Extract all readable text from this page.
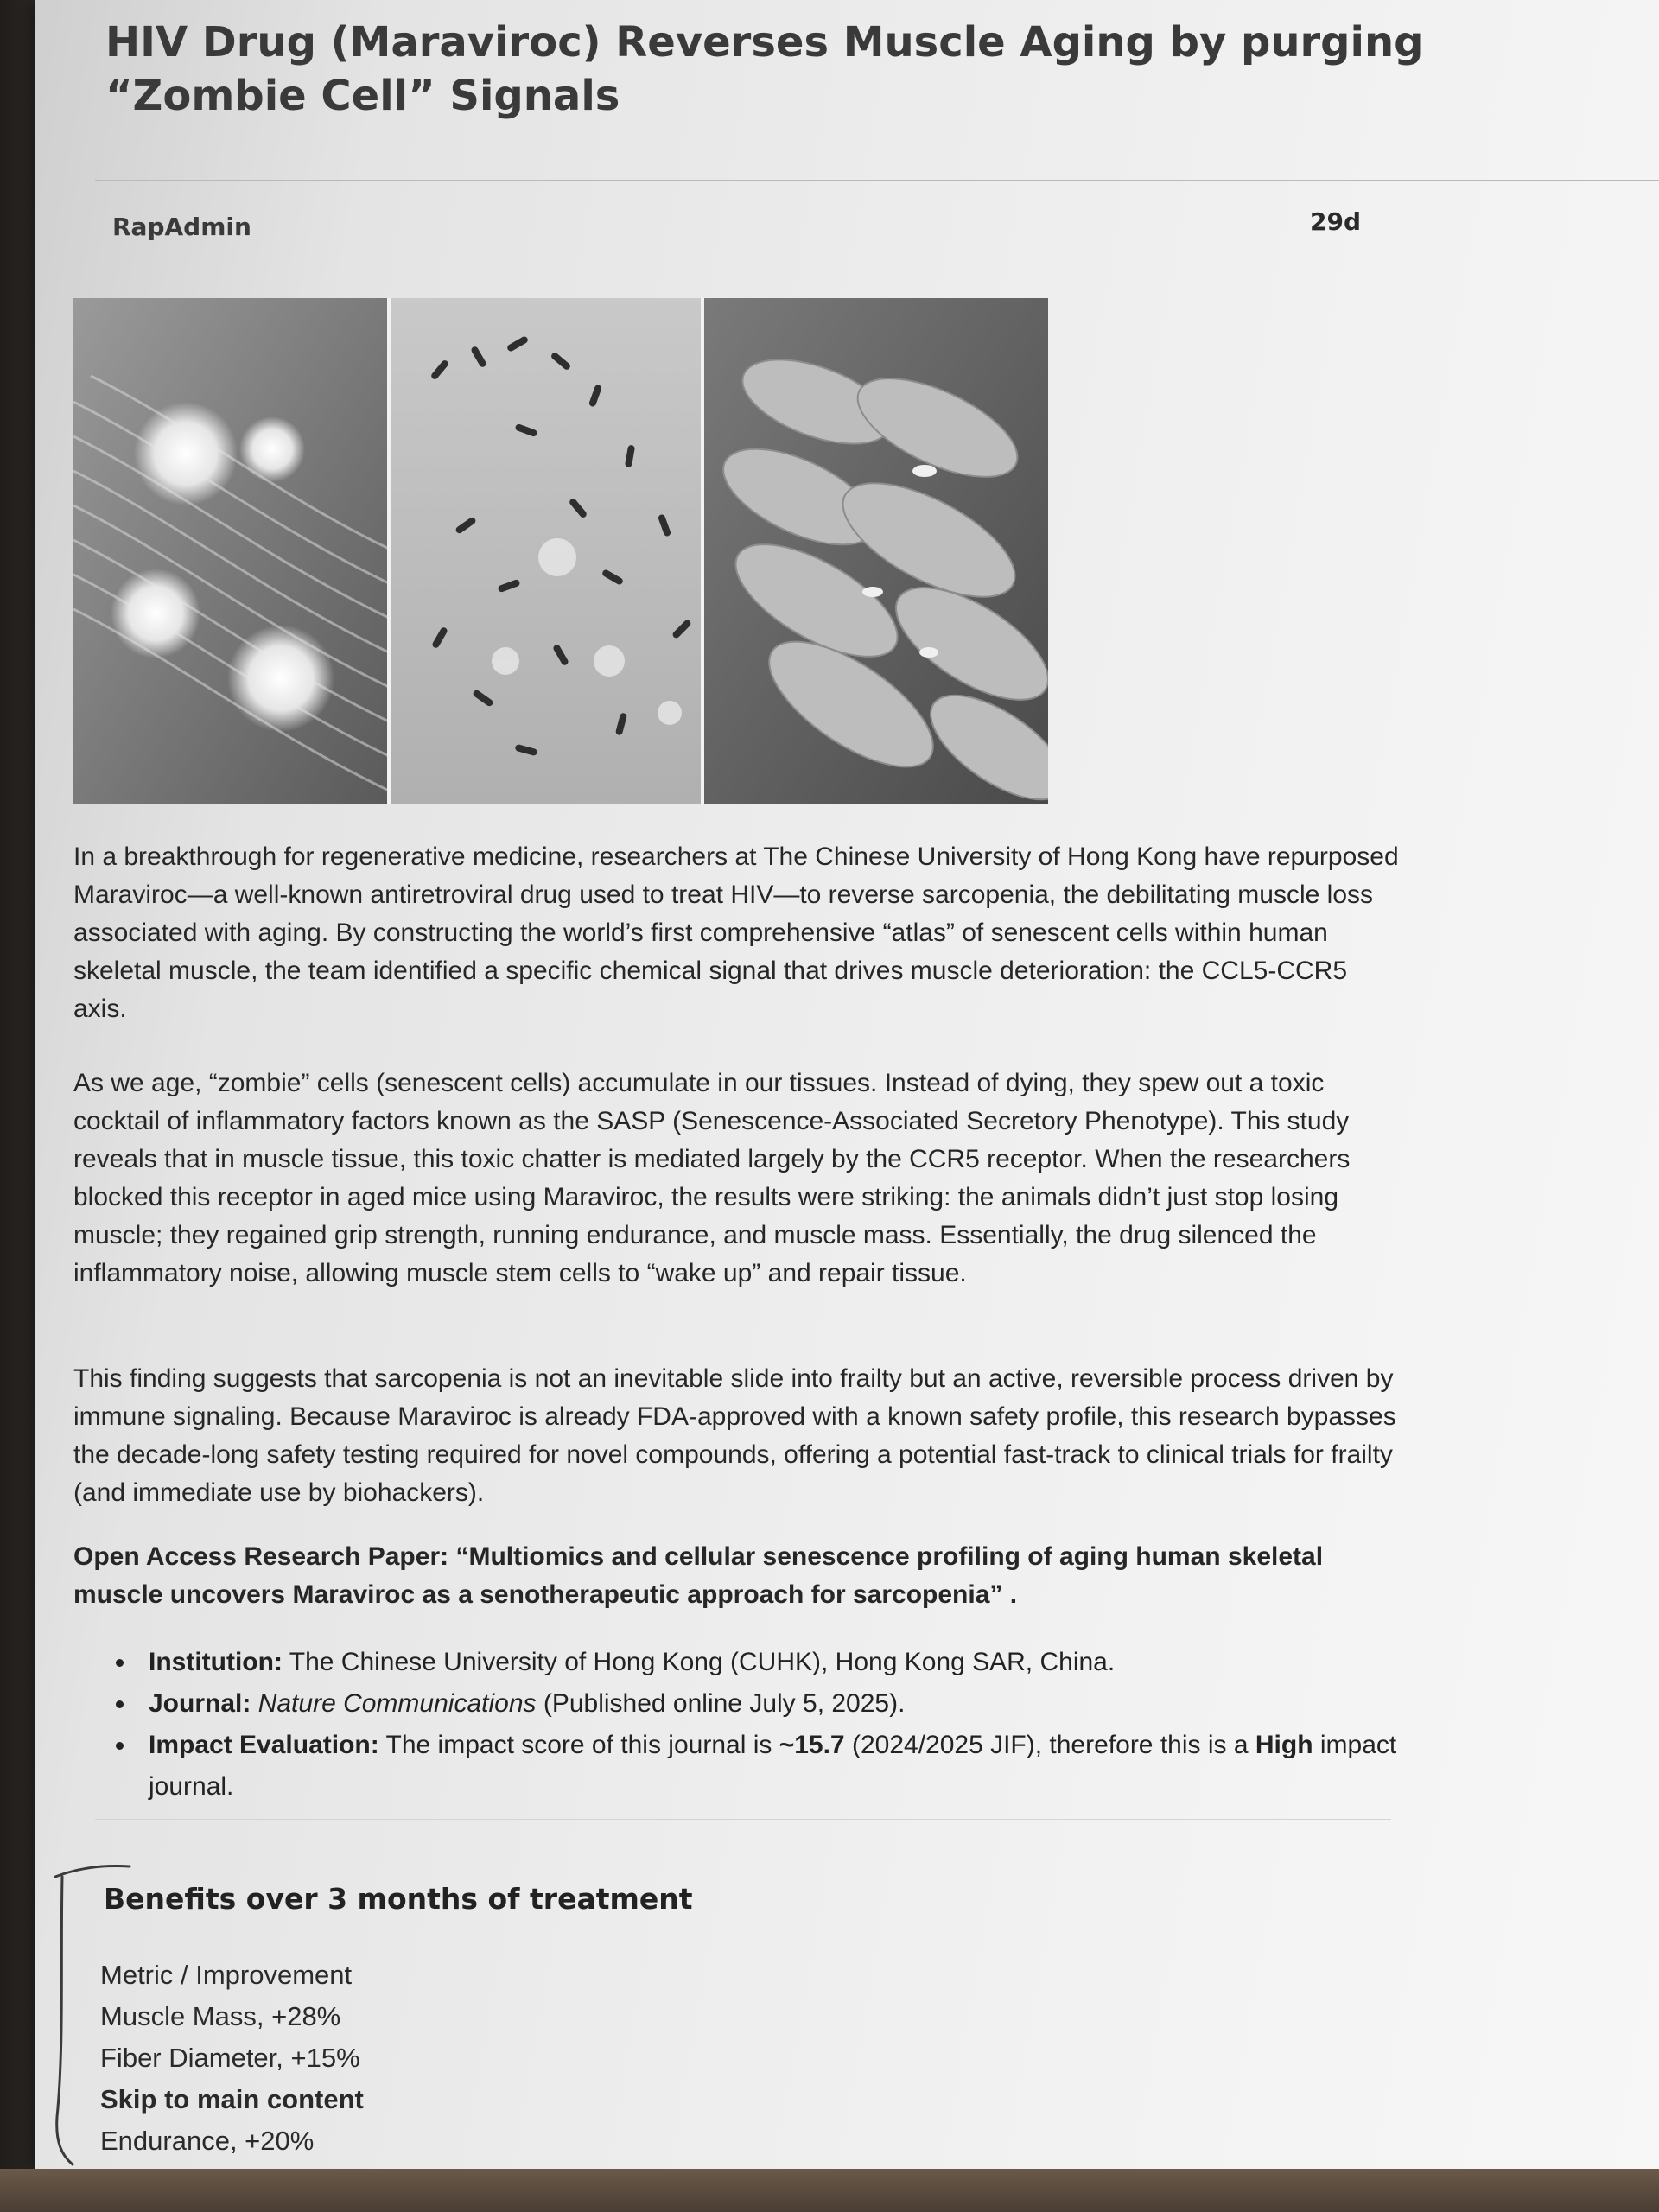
HIV Drug (Maraviroc) Reverses Muscle Aging by purging “Zombie Cell” Signals
RapAdmin	29d

In a breakthrough for regenerative medicine, researchers at The Chinese University of Hong Kong have repurposed Maraviroc—a well-known antiretroviral drug used to treat HIV—to reverse sarcopenia, the debilitating muscle loss associated with aging. By constructing the world’s first comprehensive “atlas” of senescent cells within human skeletal muscle, the team identified a specific chemical signal that drives muscle deterioration: the CCL5-CCR5 axis.

As we age, “zombie” cells (senescent cells) accumulate in our tissues. Instead of dying, they spew out a toxic cocktail of inflammatory factors known as the SASP (Senescence-Associated Secretory Phenotype). This study reveals that in muscle tissue, this toxic chatter is mediated largely by the CCR5 receptor. When the researchers blocked this receptor in aged mice using Maraviroc, the results were striking: the animals didn’t just stop losing muscle; they regained grip strength, running endurance, and muscle mass. Essentially, the drug silenced the inflammatory noise, allowing muscle stem cells to “wake up” and repair tissue.

This finding suggests that sarcopenia is not an inevitable slide into frailty but an active, reversible process driven by immune signaling. Because Maraviroc is already FDA-approved with a known safety profile, this research bypasses the decade-long safety testing required for novel compounds, offering a potential fast-track to clinical trials for frailty (and immediate use by biohackers).

Open Access Research Paper: “Multiomics and cellular senescence profiling of aging human skeletal muscle uncovers Maraviroc as a senotherapeutic approach for sarcopenia” .

Institution: The Chinese University of Hong Kong (CUHK), Hong Kong SAR, China.
Journal: Nature Communications (Published online July 5, 2025).
Impact Evaluation: The impact score of this journal is ~15.7 (2024/2025 JIF), therefore this is a High impact journal.
Benefits over 3 months of treatment
Metric / Improvement
Muscle Mass, +28%
Fiber Diameter, +15%
Skip to main content
Endurance, +20%
